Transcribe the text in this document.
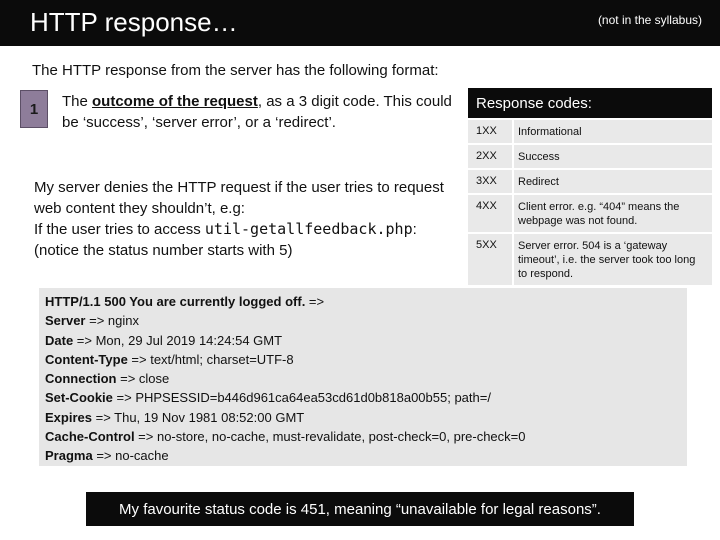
HTTP response…	(not in the syllabus)
The HTTP response from the server has the following format:
1	The outcome of the request, as a 3 digit code. This could be ‘success’, ‘server error’, or a ‘redirect’.
My server denies the HTTP request if the user tries to request web content they shouldn’t, e.g:
If the user tries to access util-getallfeedback.php:
(notice the status number starts with 5)
Response codes:
1XX	Informational
2XX	Success
3XX	Redirect
4XX	Client error. e.g. “404” means the webpage was not found.
5XX	Server error. 504 is a ‘gateway timeout’, i.e. the server took too long to respond.
HTTP/1.1 500 You are currently logged off. =>
Server => nginx
Date => Mon, 29 Jul 2019 14:24:54 GMT
Content-Type => text/html; charset=UTF-8
Connection => close
Set-Cookie => PHPSESSID=b446d961ca64ea53cd61d0b818a00b55; path=/
Expires => Thu, 19 Nov 1981 08:52:00 GMT
Cache-Control => no-store, no-cache, must-revalidate, post-check=0, pre-check=0
Pragma => no-cache
My favourite status code is 451, meaning “unavailable for legal reasons”.
